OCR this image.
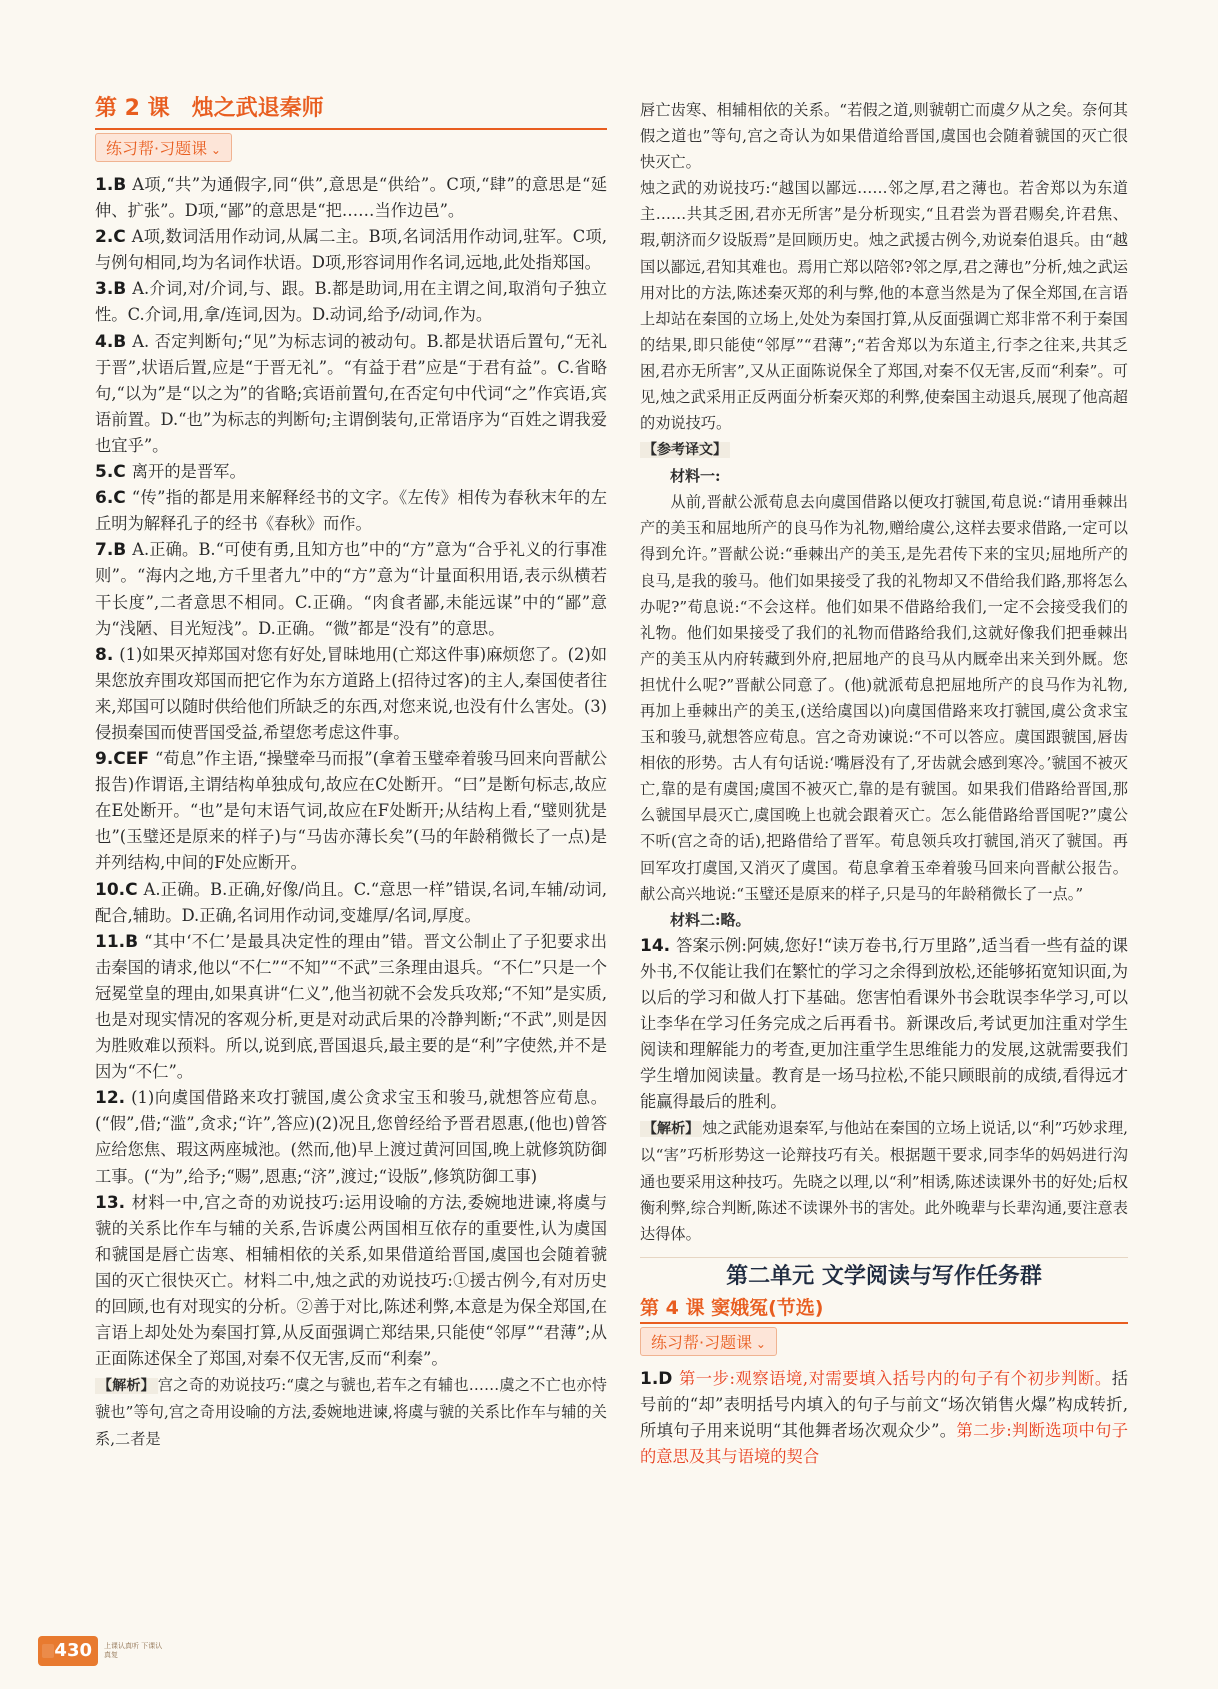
第 2 课 烛之武退秦师
练习帮·习题课 ⌄
1.B A项,“共”为通假字,同“供”,意思是“供给”。C项,“肆”的意思是“延伸、扩张”。D项,“鄙”的意思是“把……当作边邑”。
2.C A项,数词活用作动词,从属二主。B项,名词活用作动词,驻军。C项,与例句相同,均为名词作状语。D项,形容词用作名词,远地,此处指郑国。
3.B A.介词,对/介词,与、跟。B.都是助词,用在主谓之间,取消句子独立性。C.介词,用,拿/连词,因为。D.动词,给予/动词,作为。
4.B A. 否定判断句;“见”为标志词的被动句。B.都是状语后置句,“无礼于晋”,状语后置,应是“于晋无礼”。“有益于君”应是“于君有益”。C.省略句,“以为”是“以之为”的省略;宾语前置句,在否定句中代词“之”作宾语,宾语前置。D.“也”为标志的判断句;主谓倒装句,正常语序为“百姓之谓我爱也宜乎”。
5.C 离开的是晋军。
6.C “传”指的都是用来解释经书的文字。《左传》相传为春秋末年的左丘明为解释孔子的经书《春秋》而作。
7.B A.正确。B.“可使有勇,且知方也”中的“方”意为“合乎礼义的行事准则”。“海内之地,方千里者九”中的“方”意为“计量面积用语,表示纵横若干长度”,二者意思不相同。C.正确。“肉食者鄙,未能远谋”中的“鄙”意为“浅陋、目光短浅”。D.正确。“微”都是“没有”的意思。
8. (1)如果灭掉郑国对您有好处,冒昧地用(亡郑这件事)麻烦您了。(2)如果您放弃围攻郑国而把它作为东方道路上(招待过客)的主人,秦国使者往来,郑国可以随时供给他们所缺乏的东西,对您来说,也没有什么害处。(3)侵损秦国而使晋国受益,希望您考虑这件事。
9.CEF “荀息”作主语,“操璧牵马而报”(拿着玉璧牵着骏马回来向晋献公报告)作谓语,主谓结构单独成句,故应在C处断开。“曰”是断句标志,故应在E处断开。“也”是句末语气词,故应在F处断开;从结构上看,“璧则犹是也”(玉璧还是原来的样子)与“马齿亦薄长矣”(马的年龄稍微长了一点)是并列结构,中间的F处应断开。
10.C A.正确。B.正确,好像/尚且。C.“意思一样”错误,名词,车辅/动词,配合,辅助。D.正确,名词用作动词,变雄厚/名词,厚度。
11.B “其中‘不仁’是最具决定性的理由”错。晋文公制止了子犯要求出击秦国的请求,他以“不仁”“不知”“不武”三条理由退兵。“不仁”只是一个冠冕堂皇的理由,如果真讲“仁义”,他当初就不会发兵攻郑;“不知”是实质,也是对现实情况的客观分析,更是对动武后果的冷静判断;“不武”,则是因为胜败难以预料。所以,说到底,晋国退兵,最主要的是“利”字使然,并不是因为“不仁”。
12. (1)向虞国借路来攻打虢国,虞公贪求宝玉和骏马,就想答应荀息。(“假”,借;“滥”,贪求;“许”,答应)(2)况且,您曾经给予晋君恩惠,(他也)曾答应给您焦、瑕这两座城池。(然而,他)早上渡过黄河回国,晚上就修筑防御工事。(“为”,给予;“赐”,恩惠;“济”,渡过;“设版”,修筑防御工事)
13. 材料一中,宫之奇的劝说技巧:运用设喻的方法,委婉地进谏,将虞与虢的关系比作车与辅的关系,告诉虞公两国相互依存的重要性,认为虞国和虢国是唇亡齿寒、相辅相依的关系,如果借道给晋国,虞国也会随着虢国的灭亡很快灭亡。材料二中,烛之武的劝说技巧:①援古例今,有对历史的回顾,也有对现实的分析。②善于对比,陈述利弊,本意是为保全郑国,在言语上却处处为秦国打算,从反面强调亡郑结果,只能使“邻厚”“君薄”;从正面陈述保全了郑国,对秦不仅无害,反而“利秦”。
【解析】 宫之奇的劝说技巧:“虞之与虢也,若车之有辅也……虞之不亡也亦恃虢也”等句,宫之奇用设喻的方法,委婉地进谏,将虞与虢的关系比作车与辅的关系,二者是
唇亡齿寒、相辅相依的关系。“若假之道,则虢朝亡而虞夕从之矣。奈何其假之道也”等句,宫之奇认为如果借道给晋国,虞国也会随着虢国的灭亡很快灭亡。
烛之武的劝说技巧:“越国以鄙远……邻之厚,君之薄也。若舍郑以为东道主……共其乏困,君亦无所害”是分析现实,“且君尝为晋君赐矣,许君焦、瑕,朝济而夕设版焉”是回顾历史。烛之武援古例今,劝说秦伯退兵。由“越国以鄙远,君知其难也。焉用亡郑以陪邻?邻之厚,君之薄也”分析,烛之武运用对比的方法,陈述秦灭郑的利与弊,他的本意当然是为了保全郑国,在言语上却站在秦国的立场上,处处为秦国打算,从反面强调亡郑非常不利于秦国的结果,即只能使“邻厚”“君薄”;“若舍郑以为东道主,行李之往来,共其乏困,君亦无所害”,又从正面陈说保全了郑国,对秦不仅无害,反而“利秦”。可见,烛之武采用正反两面分析秦灭郑的利弊,使秦国主动退兵,展现了他高超的劝说技巧。
【参考译文】
材料一:
从前,晋献公派荀息去向虞国借路以便攻打虢国,荀息说:“请用垂棘出产的美玉和屈地所产的良马作为礼物,赠给虞公,这样去要求借路,一定可以得到允许。”晋献公说:“垂棘出产的美玉,是先君传下来的宝贝;屈地所产的良马,是我的骏马。他们如果接受了我的礼物却又不借给我们路,那将怎么办呢?”荀息说:“不会这样。他们如果不借路给我们,一定不会接受我们的礼物。他们如果接受了我们的礼物而借路给我们,这就好像我们把垂棘出产的美玉从内府转藏到外府,把屈地产的良马从内厩牵出来关到外厩。您担忧什么呢?”晋献公同意了。(他)就派荀息把屈地所产的良马作为礼物,再加上垂棘出产的美玉,(送给虞国以)向虞国借路来攻打虢国,虞公贪求宝玉和骏马,就想答应荀息。宫之奇劝谏说:“不可以答应。虞国跟虢国,唇齿相依的形势。古人有句话说:‘嘴唇没有了,牙齿就会感到寒冷。’虢国不被灭亡,靠的是有虞国;虞国不被灭亡,靠的是有虢国。如果我们借路给晋国,那么虢国早晨灭亡,虞国晚上也就会跟着灭亡。怎么能借路给晋国呢?”虞公不听(宫之奇的话),把路借给了晋军。荀息领兵攻打虢国,消灭了虢国。再回军攻打虞国,又消灭了虞国。荀息拿着玉牵着骏马回来向晋献公报告。献公高兴地说:“玉璧还是原来的样子,只是马的年龄稍微长了一点。”
材料二:略。
14. 答案示例:阿姨,您好!“读万卷书,行万里路”,适当看一些有益的课外书,不仅能让我们在繁忙的学习之余得到放松,还能够拓宽知识面,为以后的学习和做人打下基础。您害怕看课外书会耽误李华学习,可以让李华在学习任务完成之后再看书。新课改后,考试更加注重对学生阅读和理解能力的考查,更加注重学生思维能力的发展,这就需要我们学生增加阅读量。教育是一场马拉松,不能只顾眼前的成绩,看得远才能赢得最后的胜利。
【解析】 烛之武能劝退秦军,与他站在秦国的立场上说话,以“利”巧妙求理,以“害”巧析形势这一论辩技巧有关。根据题干要求,同李华的妈妈进行沟通也要采用这种技巧。先晓之以理,以“利”相诱,陈述读课外书的好处;后权衡利弊,综合判断,陈述不读课外书的害处。此外晚辈与长辈沟通,要注意表达得体。
第二单元 文学阅读与写作任务群
第 4 课 窦娥冤(节选)
练习帮·习题课 ⌄
1.D 第一步:观察语境,对需要填入括号内的句子有个初步判断。括号前的“却”表明括号内填入的句子与前文“场次销售火爆”构成转折,所填句子用来说明“其他舞者场次观众少”。第二步:判断选项中句子的意思及其与语境的契合
430	上课认真听 下课认真复
